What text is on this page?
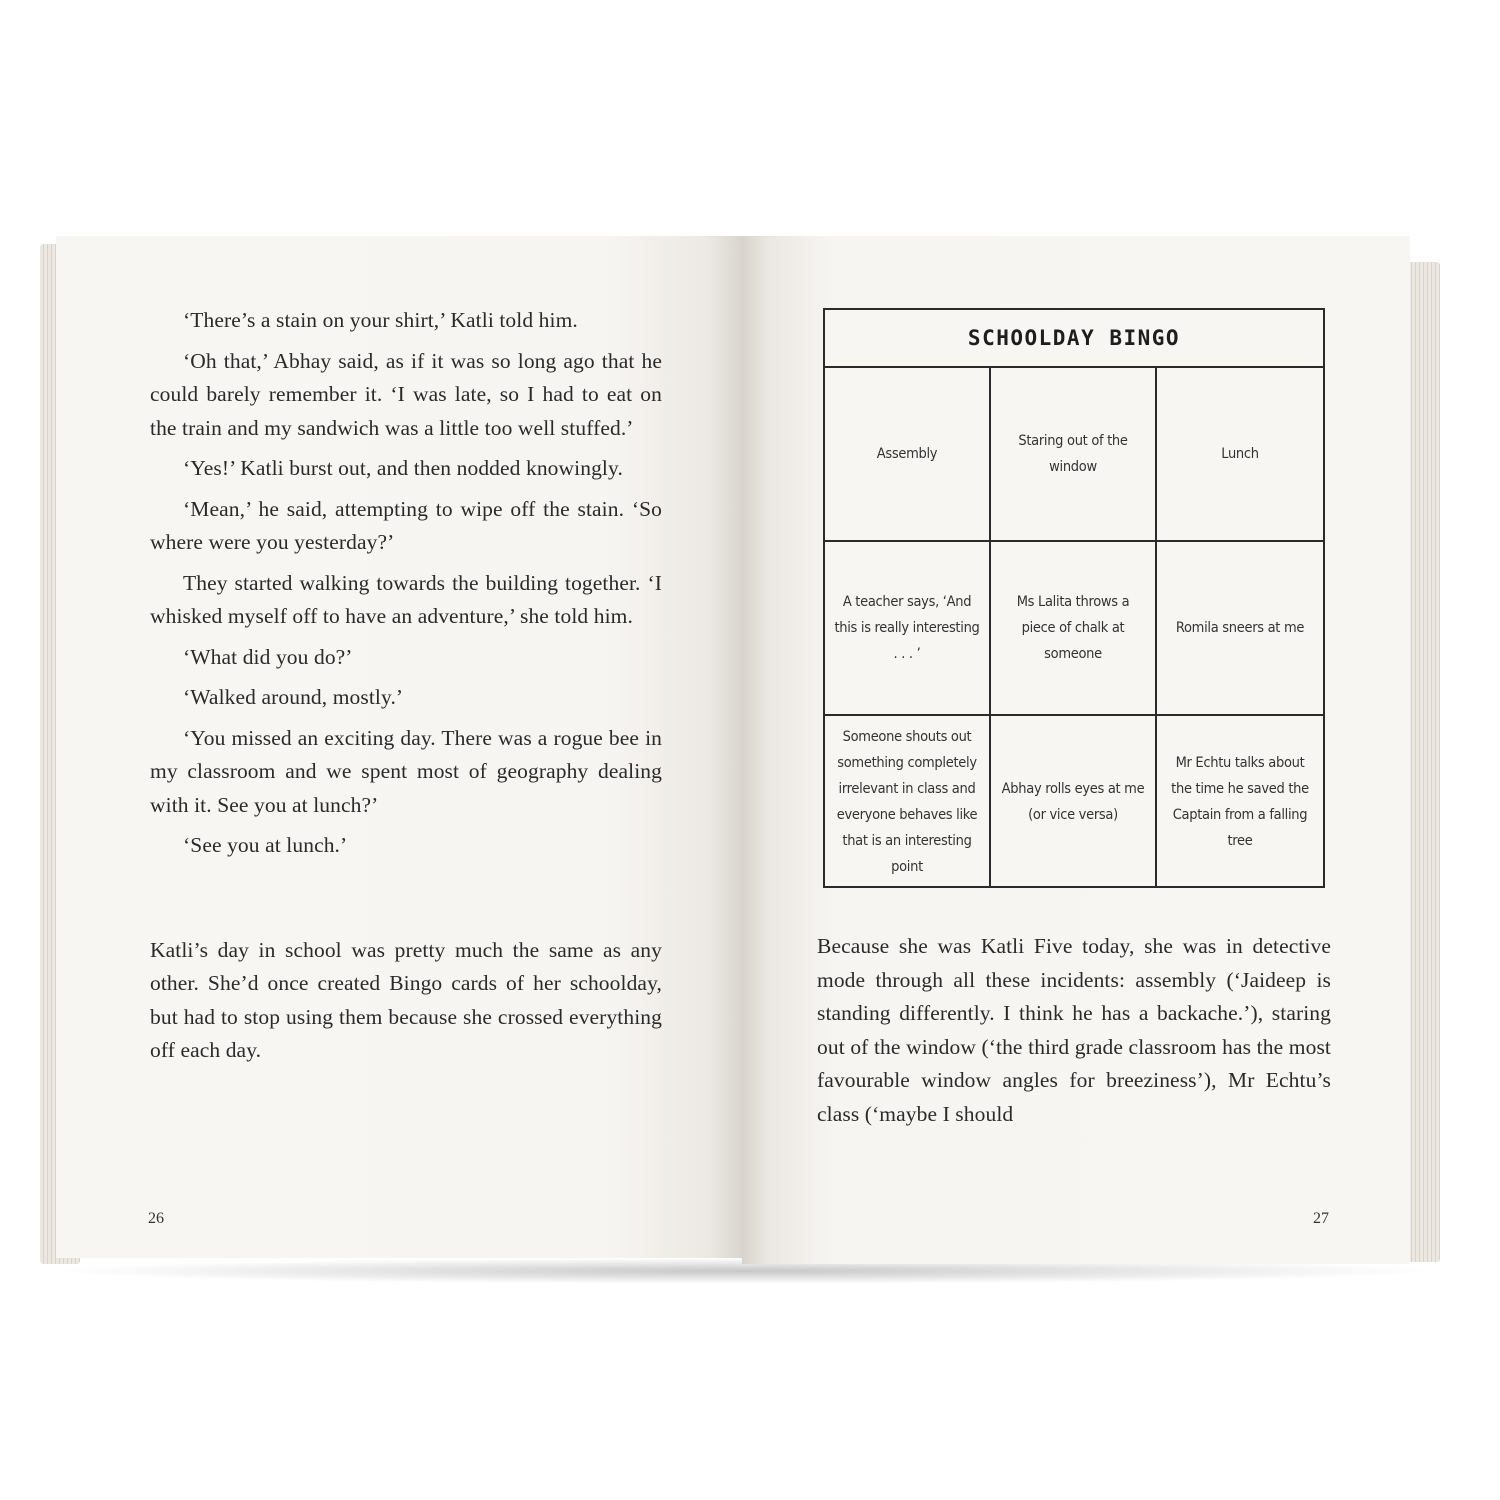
‘There’s a stain on your shirt,’ Katli told him.

‘Oh that,’ Abhay said, as if it was so long ago that he could barely remember it. ‘I was late, so I had to eat on the train and my sandwich was a little too well stuffed.’

‘Yes!’ Katli burst out, and then nodded knowingly.

‘Mean,’ he said, attempting to wipe off the stain. ‘So where were you yesterday?’

They started walking towards the building together. ‘I whisked myself off to have an adventure,’ she told him.

‘What did you do?’

‘Walked around, mostly.’

‘You missed an exciting day. There was a rogue bee in my classroom and we spent most of geography dealing with it. See you at lunch?’

‘See you at lunch.’

Katli’s day in school was pretty much the same as any other. She’d once created Bingo cards of her schoolday, but had to stop using them because she crossed everything off each day.

26
SCHOOLDAY BINGO
Assembly
Staring out of the window
Lunch
A teacher says, ‘And this is really interesting . . . ’
Ms Lalita throws a piece of chalk at someone
Romila sneers at me
Someone shouts out something completely irrelevant in class and everyone behaves like that is an interesting point
Abhay rolls eyes at me (or vice versa)
Mr Echtu talks about the time he saved the Captain from a falling tree

Because she was Katli Five today, she was in detective mode through all these incidents: assembly (‘Jaideep is standing differently. I think he has a backache.’), staring out of the window (‘the third grade classroom has the most favourable window angles for breeziness’), Mr Echtu’s class (‘maybe I should

27
